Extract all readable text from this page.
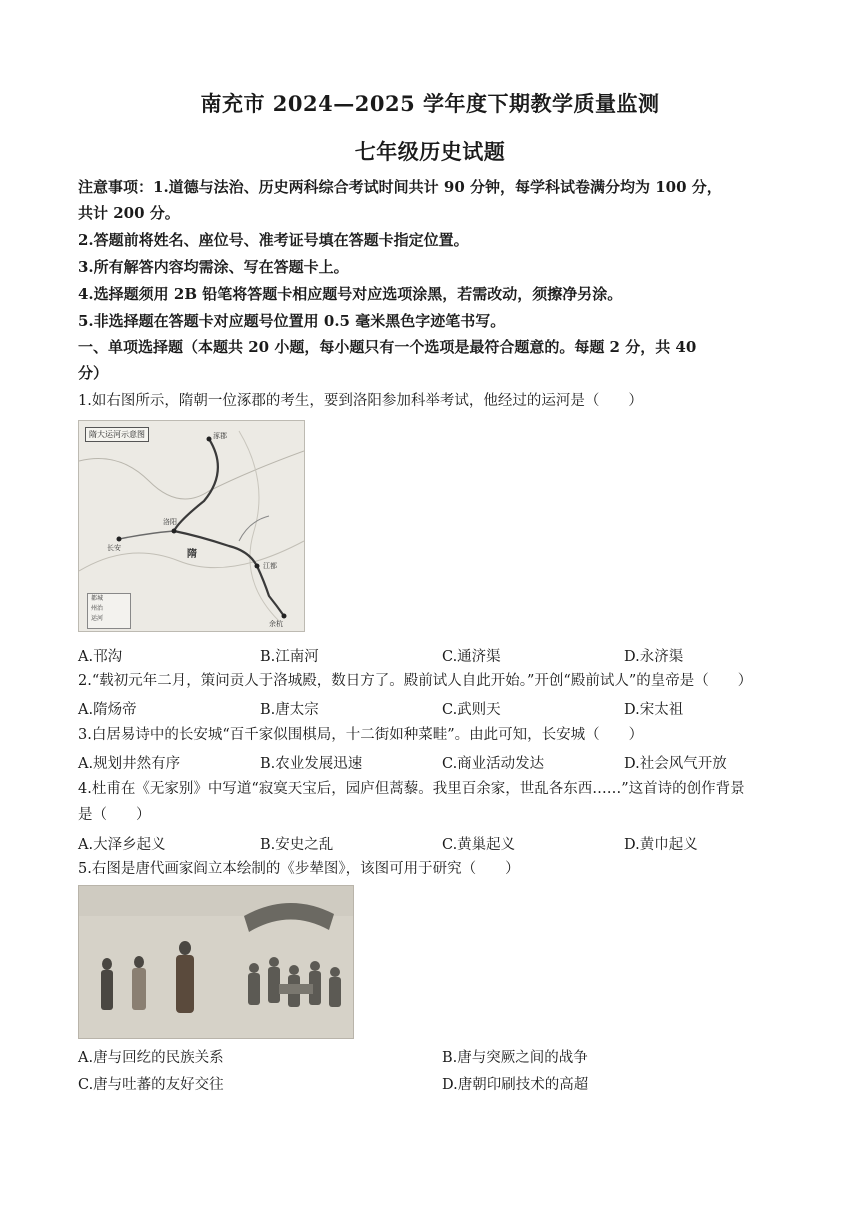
南充市 2024—2025 学年度下期教学质量监测
七年级历史试题
注意事项：1.道德与法治、历史两科综合考试时间共计 90 分钟，每学科试卷满分均为 100 分，
共计 200 分。
2.答题前将姓名、座位号、准考证号填在答题卡指定位置。
3.所有解答内容均需涂、写在答题卡上。
4.选择题须用 2B 铅笔将答题卡相应题号对应选项涂黑，若需改动，须擦净另涂。
5.非选择题在答题卡对应题号位置用 0.5 毫米黑色字迹笔书写。
一、单项选择题（本题共 20 小题，每小题只有一个选项是最符合题意的。每题 2 分，共 40
分）
1.如右图所示，隋朝一位涿郡的考生，要到洛阳参加科举考试，他经过的运河是（　　）
隋大运河示意图	涿郡
洛阳
长安
隋
江都
余杭
都城
州治
运河
A.邗沟	B.江南河	C.通济渠	D.永济渠
2.“载初元年二月，策问贡人于洛城殿，数日方了。殿前试人自此开始。”开创“殿前试人”的皇帝是（　　）
A.隋炀帝	B.唐太宗	C.武则天	D.宋太祖
3.白居易诗中的长安城“百千家似围棋局，十二街如种菜畦”。由此可知，长安城（　　）
A.规划井然有序	B.农业发展迅速	C.商业活动发达	D.社会风气开放
4.杜甫在《无家别》中写道“寂寞天宝后，园庐但蒿藜。我里百余家，世乱各东西……”这首诗的创作背景
是（　　）
A.大泽乡起义	B.安史之乱	C.黄巢起义	D.黄巾起义
5.右图是唐代画家阎立本绘制的《步辇图》，该图可用于研究（　　）
A.唐与回纥的民族关系	B.唐与突厥之间的战争
C.唐与吐蕃的友好交往	D.唐朝印刷技术的高超
